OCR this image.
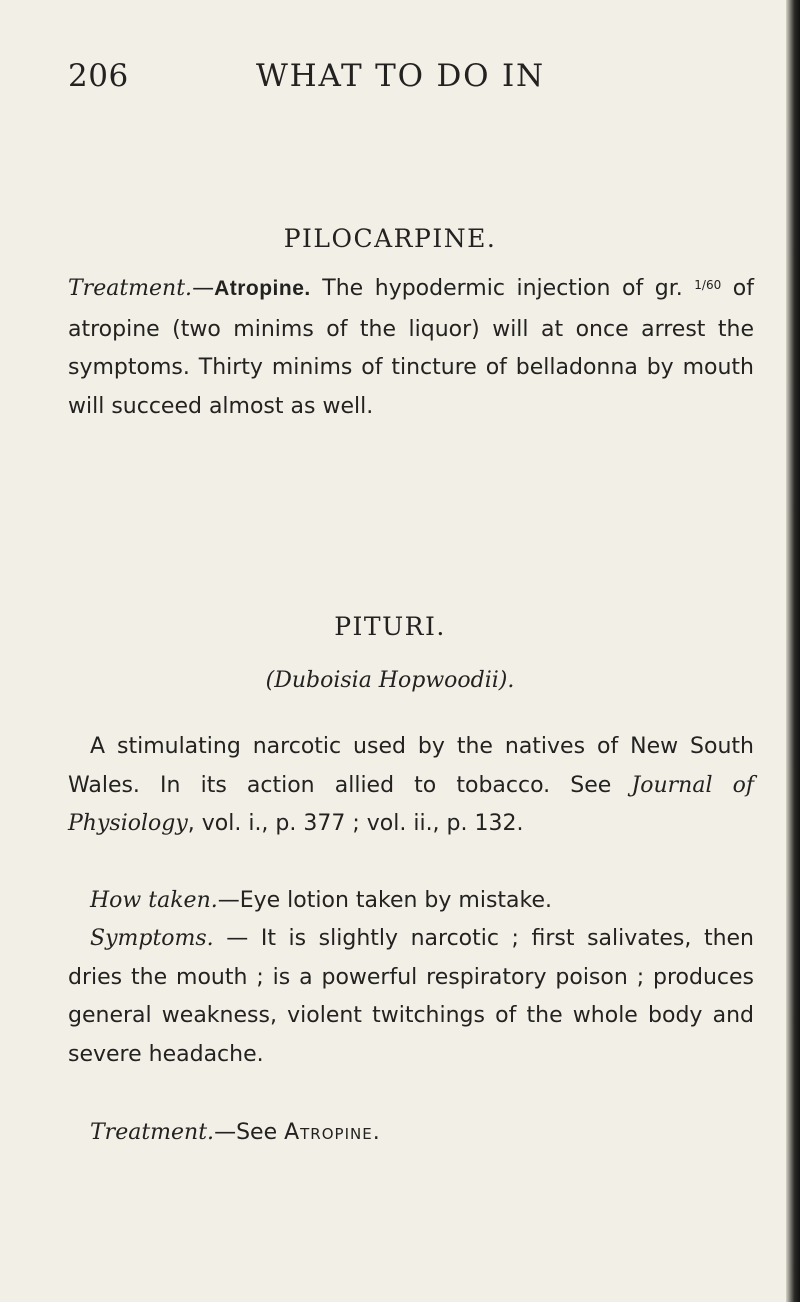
206	WHAT TO DO IN
PILOCARPINE.

Treatment.—Atropine. The hypodermic injection of gr. $^{1/60}$ of atropine (two minims of the liquor) will at once arrest the symptoms. Thirty minims of tincture of belladonna by mouth will succeed almost as well.

PITURI.
(Duboisia Hopwoodii).

A stimulating narcotic used by the natives of New South Wales. In its action allied to tobacco. See Journal of Physiology, vol. i., p. 377 ; vol. ii., p. 132.

How taken.—Eye lotion taken by mistake.

Symptoms. — It is slightly narcotic ; first salivates, then dries the mouth ; is a powerful respiratory poison ; produces general weakness, violent twitchings of the whole body and severe headache.

Treatment.—See Atropine.
